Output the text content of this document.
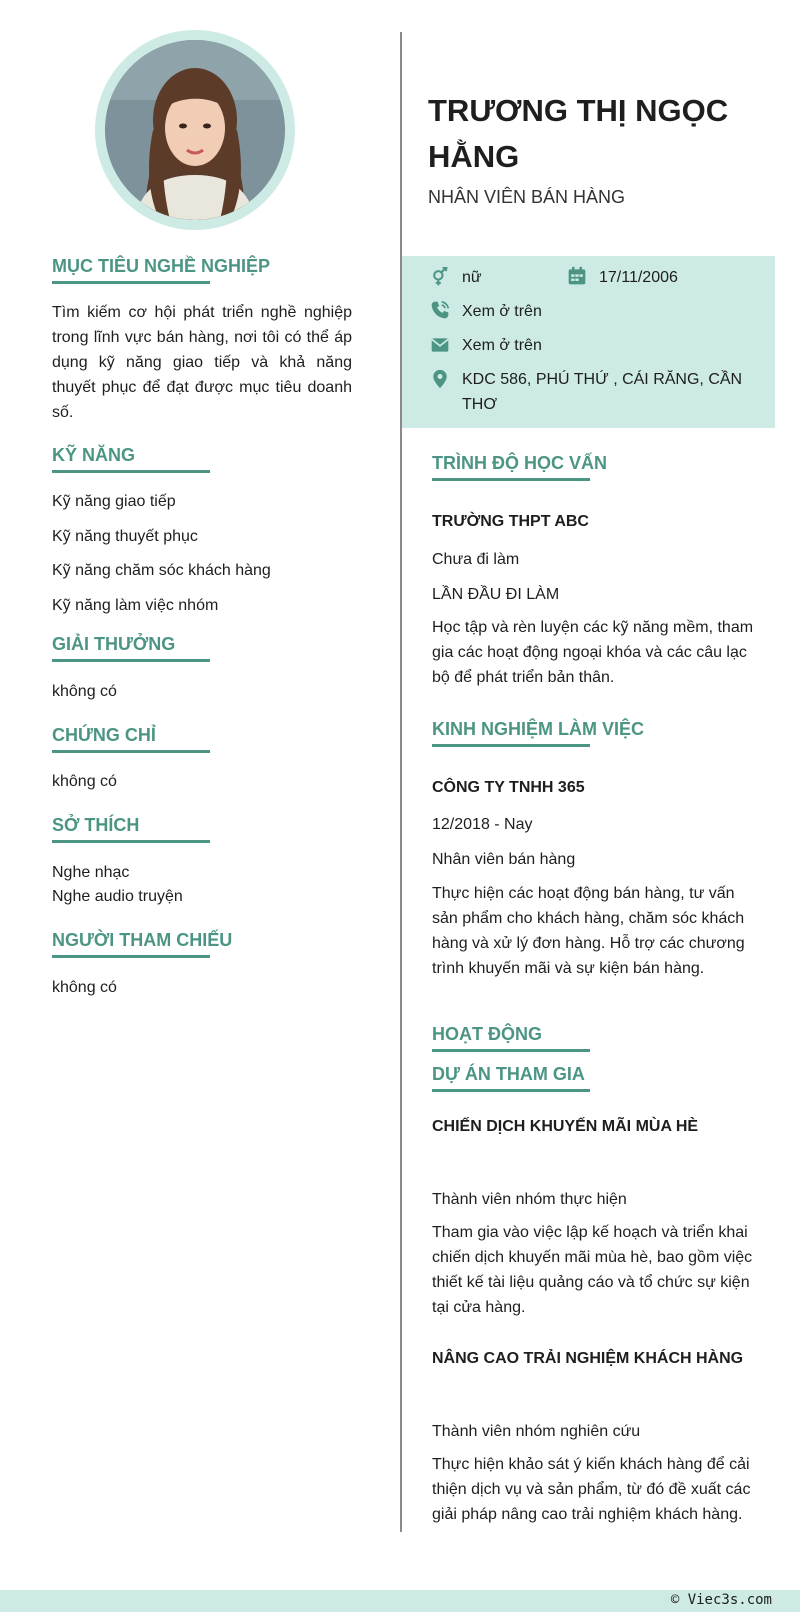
MỤC TIÊU NGHỀ NGHIỆP
Tìm kiếm cơ hội phát triển nghề nghiệp trong lĩnh vực bán hàng, nơi tôi có thể áp dụng kỹ năng giao tiếp và khả năng thuyết phục để đạt được mục tiêu doanh số.
KỸ NĂNG
Kỹ năng giao tiếp
Kỹ năng thuyết phục
Kỹ năng chăm sóc khách hàng
Kỹ năng làm việc nhóm
GIẢI THƯỞNG
không có
CHỨNG CHỈ
không có
SỞ THÍCH
Nghe nhạc
Nghe audio truyện
NGƯỜI THAM CHIẾU
không có
TRƯƠNG THỊ NGỌC HẰNG
NHÂN VIÊN BÁN HÀNG
nữ	17/11/2006
Xem ở trên
Xem ở trên
KDC 586, PHÚ THỨ , CÁI RĂNG, CẦN THƠ
TRÌNH ĐỘ HỌC VẤN
TRƯỜNG THPT ABC
Chưa đi làm
LẦN ĐẦU ĐI LÀM
Học tập và rèn luyện các kỹ năng mềm, tham gia các hoạt động ngoại khóa và các câu lạc bộ để phát triển bản thân.
KINH NGHIỆM LÀM VIỆC
CÔNG TY TNHH 365
12/2018 - Nay
Nhân viên bán hàng
Thực hiện các hoạt động bán hàng, tư vấn sản phẩm cho khách hàng, chăm sóc khách hàng và xử lý đơn hàng. Hỗ trợ các chương trình khuyến mãi và sự kiện bán hàng.
HOẠT ĐỘNG
DỰ ÁN THAM GIA
CHIẾN DỊCH KHUYẾN MÃI MÙA HÈ
Thành viên nhóm thực hiện
Tham gia vào việc lập kế hoạch và triển khai chiến dịch khuyến mãi mùa hè, bao gồm việc thiết kế tài liệu quảng cáo và tổ chức sự kiện tại cửa hàng.
NÂNG CAO TRẢI NGHIỆM KHÁCH HÀNG
Thành viên nhóm nghiên cứu
Thực hiện khảo sát ý kiến khách hàng để cải thiện dịch vụ và sản phẩm, từ đó đề xuất các giải pháp nâng cao trải nghiệm khách hàng.
© Viec3s.com
